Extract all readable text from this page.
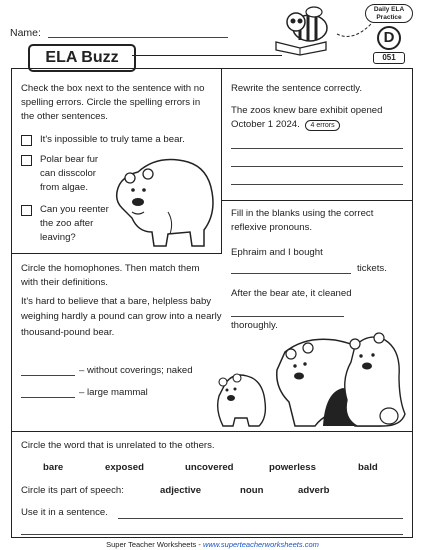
Name:
ELA Buzz
Daily ELA Practice
D
051
Check the box next to the sentence with no spelling errors. Circle the spelling errors in the other sentences.
It's inpossible to truly tame a bear.
Polar bear fur can disscolor from algae.
Can you reenter the zoo after leaving?
Rewrite the sentence correctly.
The zoos knew bare exhibit opened October 1 2024. 4 errors
Fill in the blanks using the correct reflexive pronouns.
Ephraim and I bought
tickets.
After the bear ate, it cleaned
thoroughly.
Circle the homophones. Then match them with their definitions.
It's hard to believe that a bare, helpless baby weighing hardly a pound can grow into a nearly thousand-pound bear.
– without coverings; naked
– large mammal
Circle the word that is unrelated to the others.
bare	exposed	uncovered	powerless	bald
Circle its part of speech:	adjective	noun	adverb
Use it in a sentence.
Super Teacher Worksheets - www.superteacherworksheets.com
